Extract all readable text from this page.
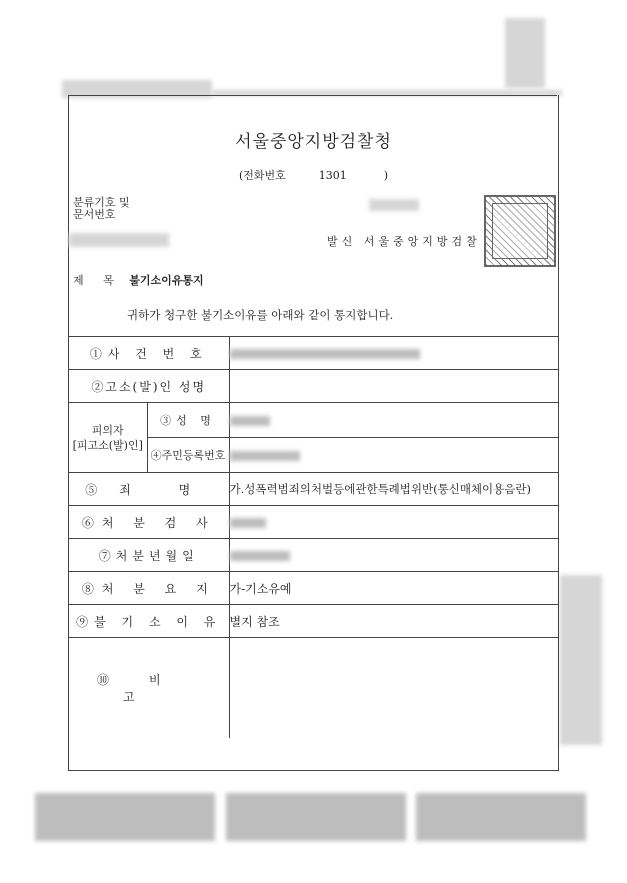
서울중앙지방검찰청
(전화번호	1301	)
분류기호 및
문서번호
발신 서울중앙지방검찰
제 목 불기소이유통지
귀하가 청구한 불기소이유를 아래와 같이 통지합니다.
①사 건 번 호		
②고소(발)인 성명		

피의자
[피고소(발)인]	③성 명	
	④주민등록번호	
⑤죄 명		가.성폭력범죄의처벌등에관한특례법위반(통신매체이용음란)
⑥처 분 검 사		
⑦처분년월일		
⑧처 분 요 지		가-기소유예
⑨불 기 소 이 유		별지 참조
⑩비 고		
